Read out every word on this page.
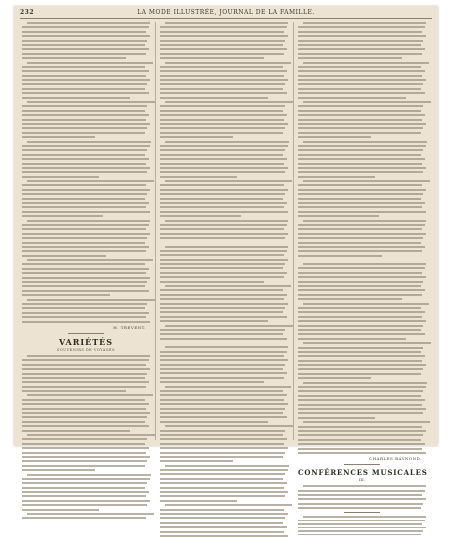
232	LA MODE ILLUSTRÉE, JOURNAL DE LA FAMILLE.
H. TREVENT.
VARIÉTÉS
SOUVENIRS DE VOYAGES
CHARLES BAYNOND.
CONFÉRENCES MUSICALES
III.
